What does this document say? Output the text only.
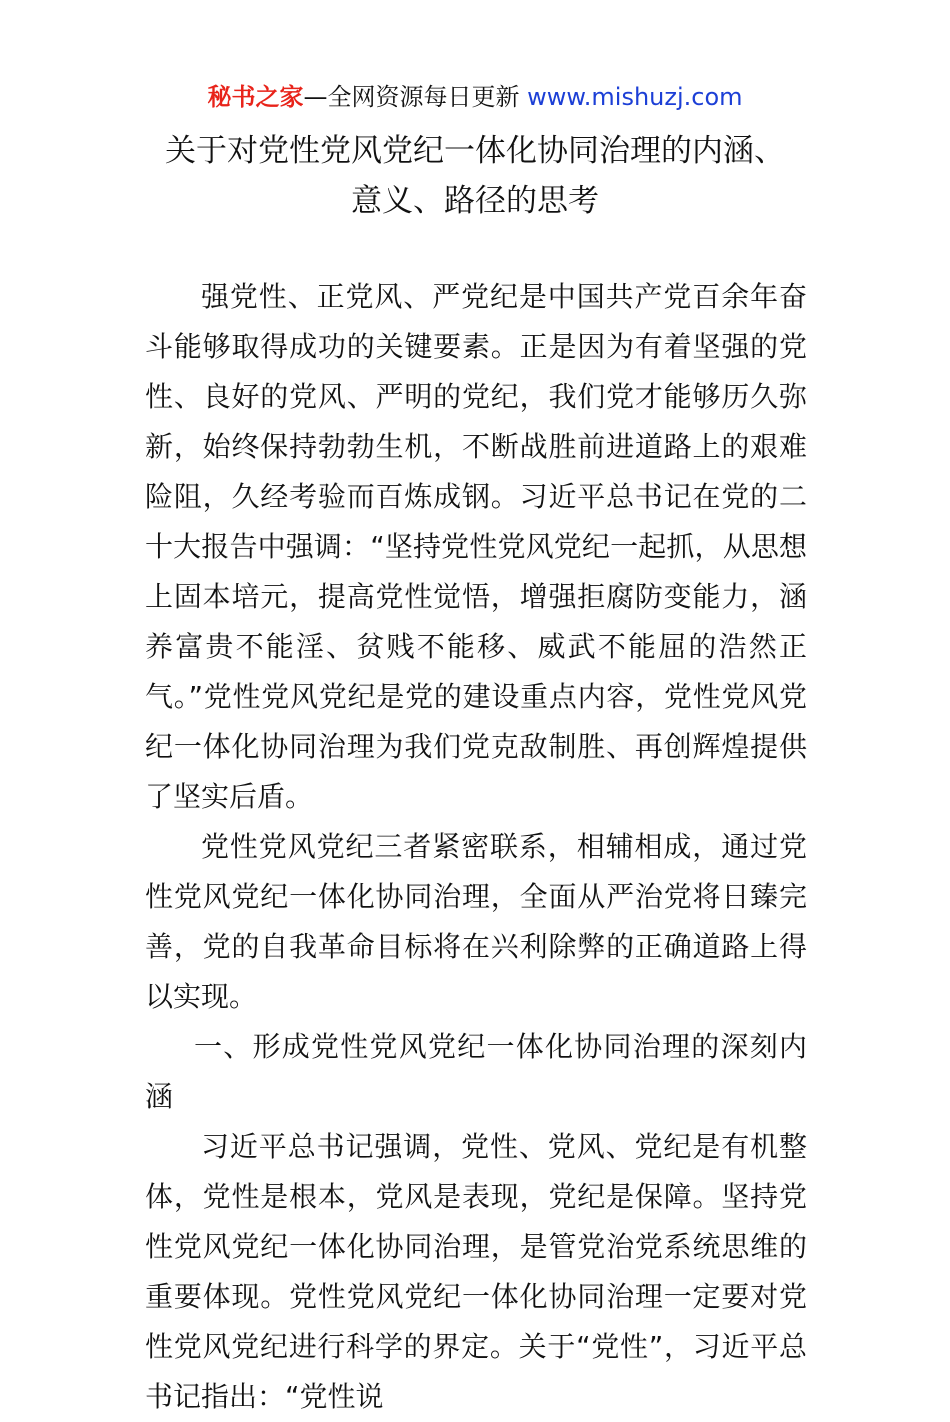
秘书之家—全网资源每日更新 www.mishuzj.com
关于对党性党风党纪一体化协同治理的内涵、
意义、路径的思考

强党性、正党风、严党纪是中国共产党百余年奋斗能够取得成功的关键要素。正是因为有着坚强的党性、良好的党风、严明的党纪，我们党才能够历久弥新，始终保持勃勃生机，不断战胜前进道路上的艰难险阻，久经考验而百炼成钢。习近平总书记在党的二十大报告中强调：“坚持党性党风党纪一起抓，从思想上固本培元，提高党性觉悟，增强拒腐防变能力，涵养富贵不能淫、贫贱不能移、威武不能屈的浩然正气。”党性党风党纪是党的建设重点内容，党性党风党纪一体化协同治理为我们党克敌制胜、再创辉煌提供了坚实后盾。

党性党风党纪三者紧密联系，相辅相成，通过党性党风党纪一体化协同治理，全面从严治党将日臻完善，党的自我革命目标将在兴利除弊的正确道路上得以实现。

一、形成党性党风党纪一体化协同治理的深刻内涵

习近平总书记强调，党性、党风、党纪是有机整体，党性是根本，党风是表现，党纪是保障。坚持党性党风党纪一体化协同治理，是管党治党系统思维的重要体现。党性党风党纪一体化协同治理一定要对党性党风党纪进行科学的界定。关于“党性”，习近平总书记指出：“党性说
